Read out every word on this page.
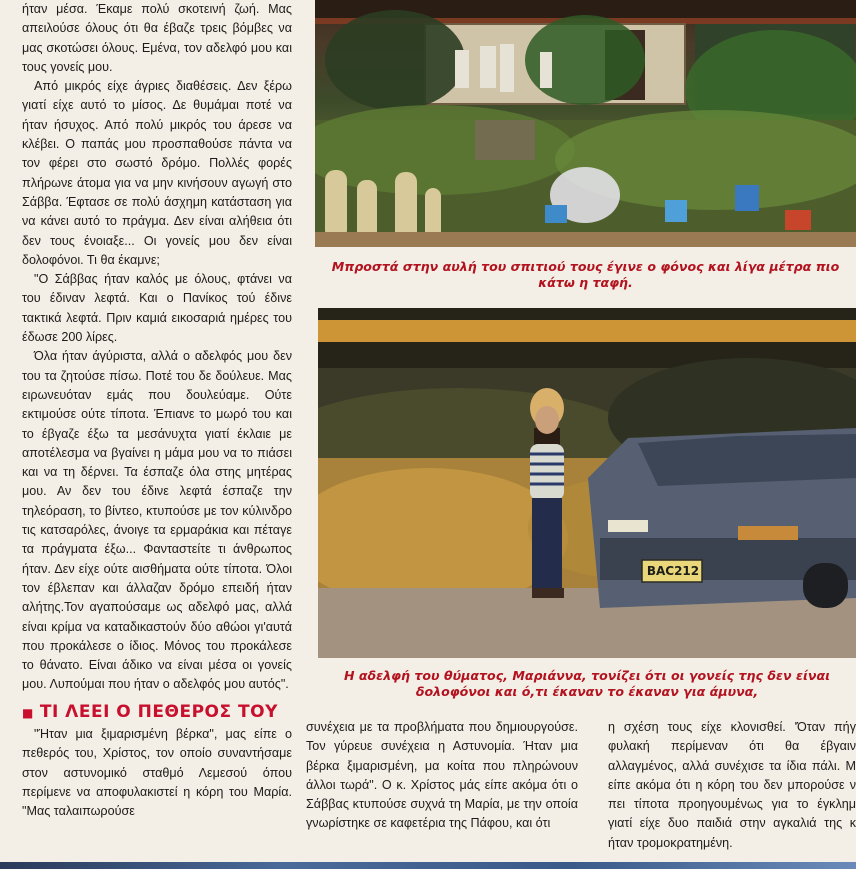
ήταν μέσα. Έκαμε πολύ σκοτεινή ζωή. Μας απειλούσε όλους ότι θα έβαζε τρεις βόμβες να μας σκοτώσει όλους. Εμένα, τον αδελφό μου και τους γονείς μου.

Από μικρός είχε άγριες διαθέσεις. Δεν ξέρω γιατί είχε αυτό το μίσος. Δε θυμάμαι ποτέ να ήταν ήσυχος. Από πολύ μικρός του άρεσε να κλέβει. Ο παπάς μου προσπαθούσε πάντα να τον φέρει στο σωστό δρόμο. Πολλές φορές πλήρωνε άτομα για να μην κινήσουν αγωγή στο Σάββα. Έφτασε σε πολύ άσχημη κατάσταση για να κάνει αυτό το πράγμα. Δεν είναι αλήθεια ότι δεν τους ένοιαξε... Οι γονείς μου δεν είναι δολοφόνοι. Τι θα έκαμνε;

"Ο Σάββας ήταν καλός με όλους, φτάνει να του έδιναν λεφτά. Και ο Πανίκος τού έδινε τακτικά λεφτά. Πριν καμιά εικοσαριά ημέρες του έδωσε 200 λίρες.

Όλα ήταν άγύριστα, αλλά ο αδελφός μου δεν του τα ζητούσε πίσω. Ποτέ του δε δούλευε. Μας ειρωνευόταν εμάς που δουλεύαμε. Ούτε εκτιμούσε ούτε τίποτα. Έπιανε το μωρό του και το έβγαζε έξω τα μεσάνυχτα γιατί έκλαιε με αποτέλεσμα να βγαίνει η μάμα μου να το πιάσει και να τη δέρνει. Τα έσπαζε όλα στης μητέρας μου. Αν δεν του έδινε λεφτά έσπαζε την τηλεόραση, το βίντεο, κτυπούσε με τον κύλινδρο τις κατσαρόλες, άνοιγε τα ερμαράκια και πέταγε τα πράγματα έξω... Φανταστείτε τι άνθρωπος ήταν. Δεν είχε ούτε αισθήματα ούτε τίποτα. Όλοι τον έβλεπαν και άλλαζαν δρόμο επειδή ήταν αλήτης.Τον αγαπούσαμε ως αδελφό μας, αλλά είναι κρίμα να καταδικαστούν δύο αθώοι γι'αυτά που προκάλεσε ο ίδιος. Μόνος του προκάλεσε το θάνατο. Είναι άδικο να είναι μέσα οι γονείς μου. Λυπούμαι που ήταν ο αδελφός μου αυτός".

■ ΤΙ ΛΕΕΙ Ο ΠΕΘΕΡΟΣ ΤΟΥ

"Ήταν μια ξιμαρισμένη βέρκα", μας είπε ο πεθερός του, Χρίστος, τον οποίο συναντήσαμε στον αστυνομικό σταθμό Λεμεσού όπου περίμενε να αποφυλακιστεί η κόρη του Μαρία. "Μας ταλαιπωρούσε

Μπροστά στην αυλή του σπιτιού τους έγινε ο φόνος και λίγα μέτρα πιο κάτω η ταφή.
BAC212
Η αδελφή του θύματος, Μαριάννα, τονίζει ότι οι γονείς της δεν είναι δολοφόνοι και ό,τι έκαναν το έκαναν για άμυνα,

συνέχεια με τα προβλήματα που δημιουργούσε. Τον γύρευε συνέχεια η Αστυνομία. Ήταν μια βέρκα ξιμαρισμένη, μα κοίτα που πληρώνουν άλλοι τωρά". Ο κ. Χρίστος μάς είπε ακόμα ότι ο Σάββας κτυπούσε συχνά τη Μαρία, με την οποία γνωρίστηκε σε καφετέρια της Πάφου, και ότι

η σχέση τους είχε κλονισθεί. 'Όταν πήγ φυλακή περίμεναν ότι θα έβγαιν αλλαγμένος, αλλά συνέχισε τα ίδια πάλι. Μ είπε ακόμα ότι η κόρη του δεν μπορούσε ν πει τίποτα προηγουμένως για το έγκλημ γιατί είχε δυο παιδιά στην αγκαλιά της κ ήταν τρομοκρατημένη.
